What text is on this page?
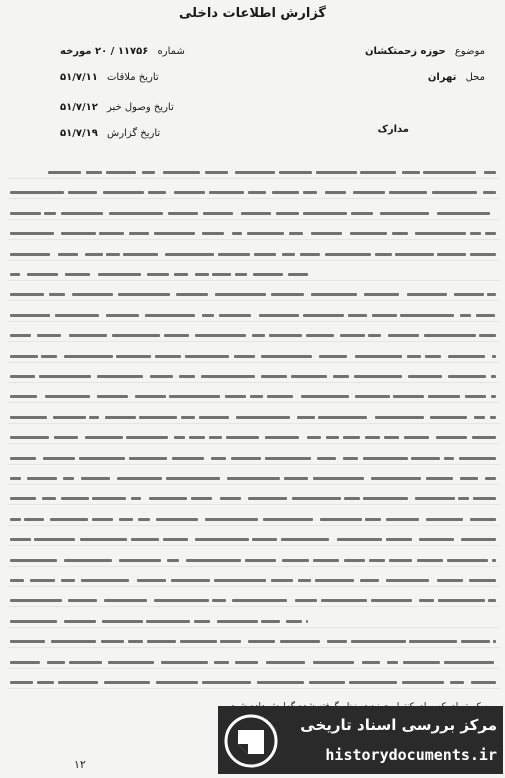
گزارش اطلاعات داخلی
موضوع حوزه زحمتکشان
محل تهران
مدارک
شماره ۱۱۷۵۶ / ۲۰ مورخه
تاریخ ملاقات ۵۱/۷/۱۱
تاریخ وصول خبر ۵۱/۷/۱۲
تاریخ گزارش ۵۱/۷/۱۹
۱۲
مرکز بررسی اسناد تاریخی
historydocuments.ir
